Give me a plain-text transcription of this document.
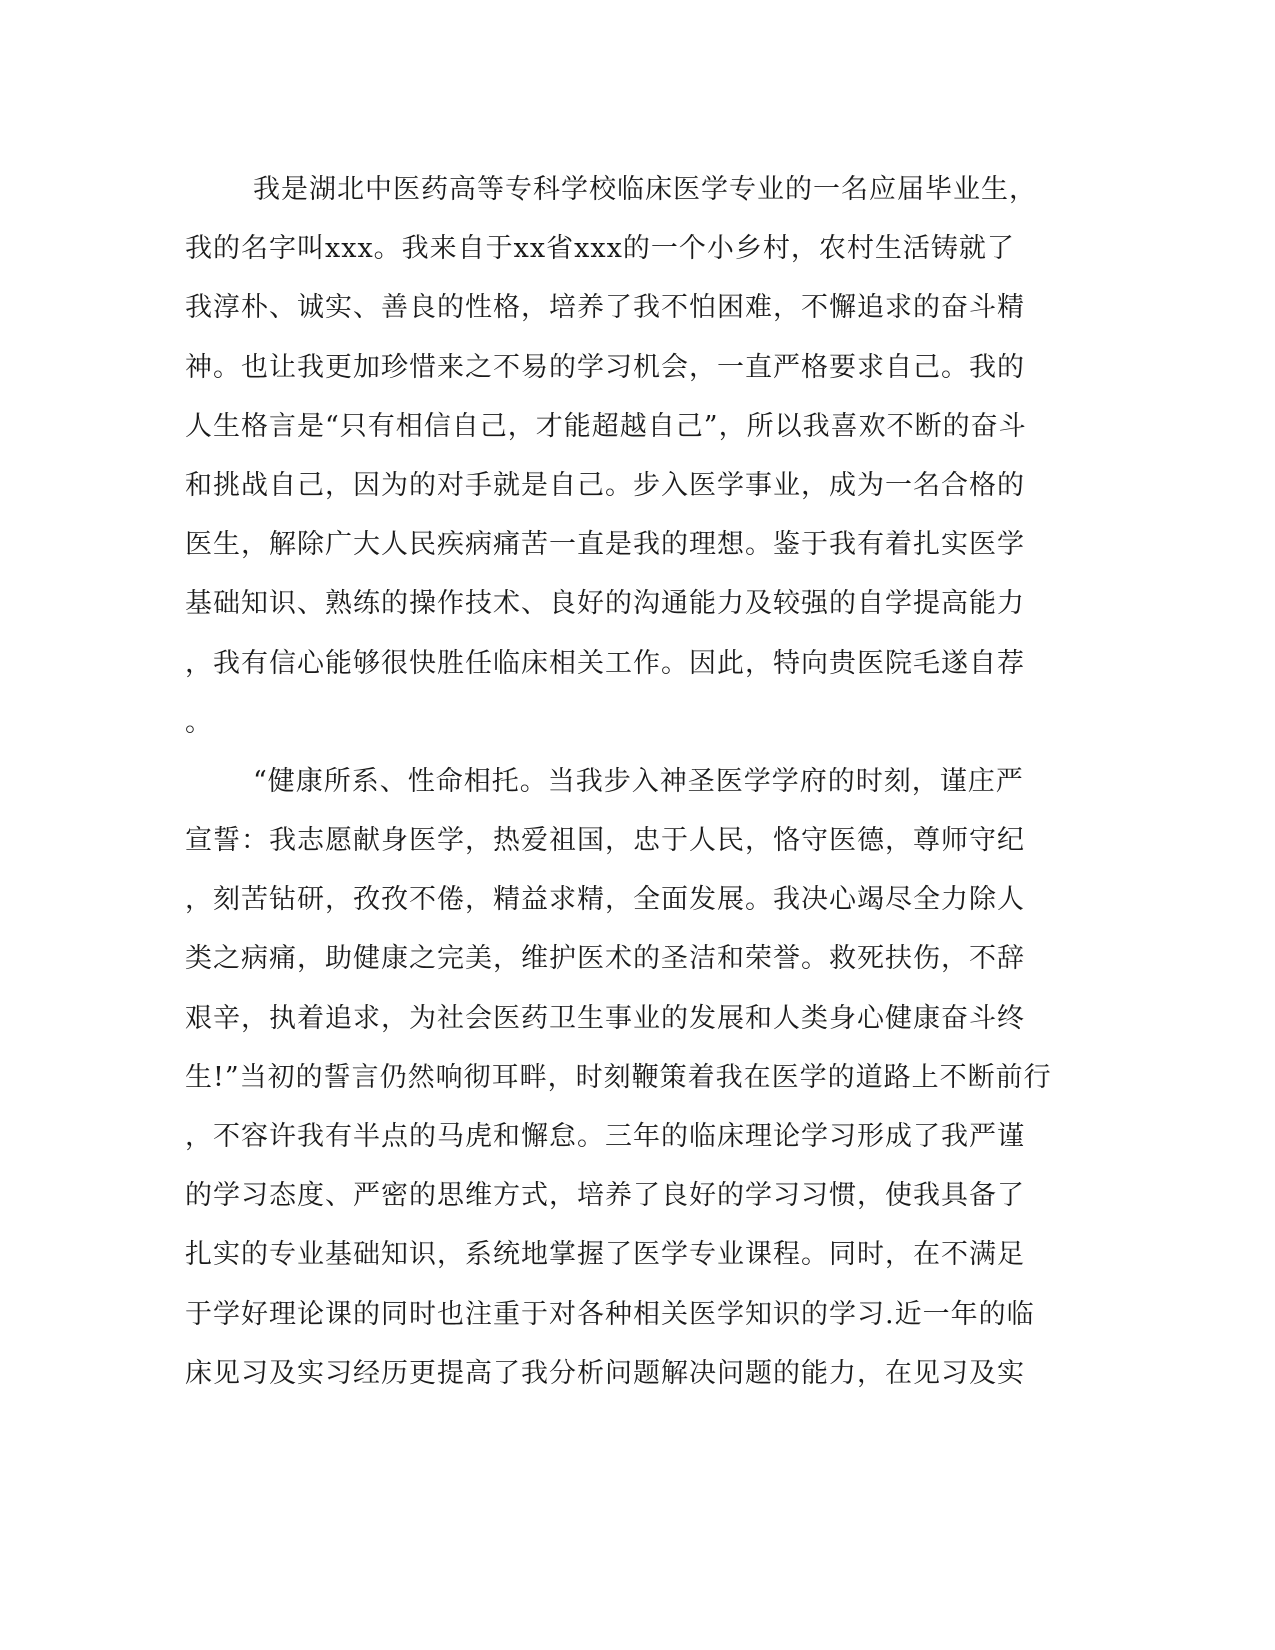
我是湖北中医药高等专科学校临床医学专业的一名应届毕业生，
我的名字叫xxx。我来自于xx省xxx的一个小乡村，农村生活铸就了
我淳朴、诚实、善良的性格，培养了我不怕困难，不懈追求的奋斗精
神。也让我更加珍惜来之不易的学习机会，一直严格要求自己。我的
人生格言是“只有相信自己，才能超越自己”，所以我喜欢不断的奋斗
和挑战自己，因为的对手就是自己。步入医学事业，成为一名合格的
医生，解除广大人民疾病痛苦一直是我的理想。鉴于我有着扎实医学
基础知识、熟练的操作技术、良好的沟通能力及较强的自学提高能力
，我有信心能够很快胜任临床相关工作。因此，特向贵医院毛遂自荐
。
“健康所系、性命相托。当我步入神圣医学学府的时刻，谨庄严
宣誓：我志愿献身医学，热爱祖国，忠于人民，恪守医德，尊师守纪
，刻苦钻研，孜孜不倦，精益求精，全面发展。我决心竭尽全力除人
类之病痛，助健康之完美，维护医术的圣洁和荣誉。救死扶伤，不辞
艰辛，执着追求，为社会医药卫生事业的发展和人类身心健康奋斗终
生!”当初的誓言仍然响彻耳畔，时刻鞭策着我在医学的道路上不断前行
，不容许我有半点的马虎和懈怠。三年的临床理论学习形成了我严谨
的学习态度、严密的思维方式，培养了良好的学习习惯，使我具备了
扎实的专业基础知识，系统地掌握了医学专业课程。同时，在不满足
于学好理论课的同时也注重于对各种相关医学知识的学习.近一年的临
床见习及实习经历更提高了我分析问题解决问题的能力，在见习及实
